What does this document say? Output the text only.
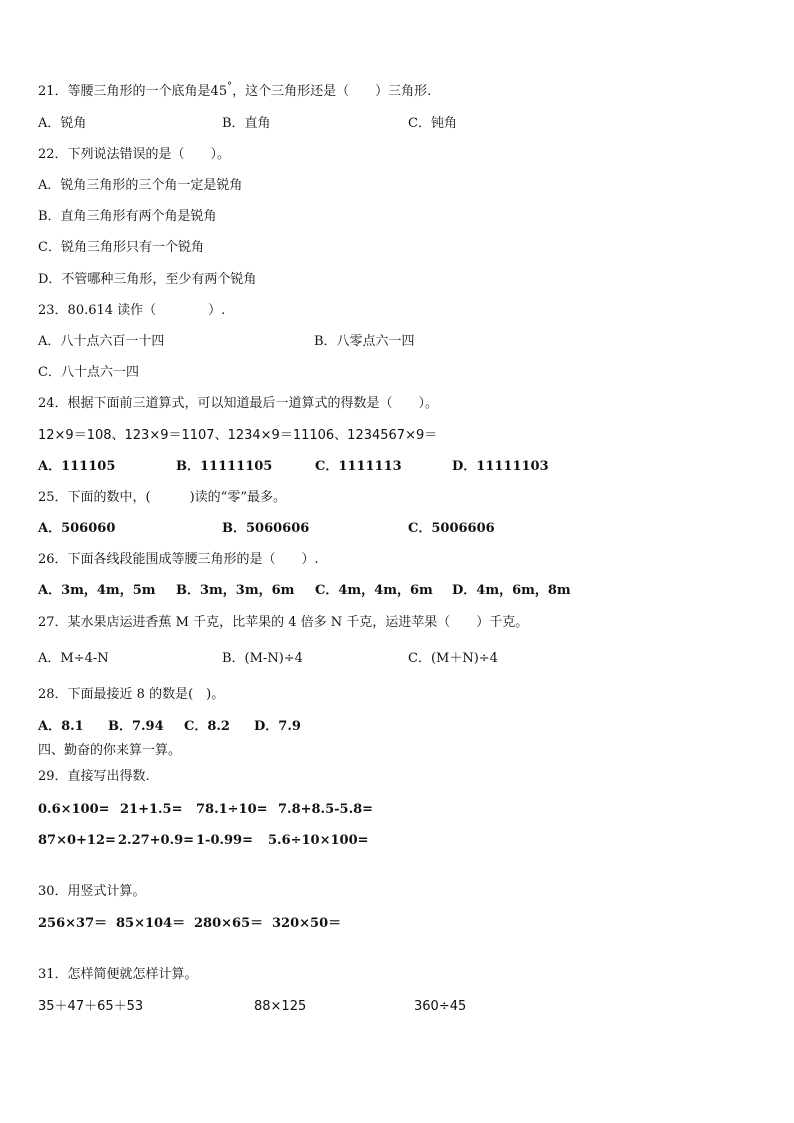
21．等腰三角形的一个底角是45°，这个三角形还是（　　）三角形.
A．锐角	B．直角	C．钝角
22．下列说法错误的是（　　）。
A．锐角三角形的三个角一定是锐角
B．直角三角形有两个角是锐角
C．锐角三角形只有一个锐角
D．不管哪种三角形，至少有两个锐角
23．80.614 读作（　　　　）.
A．八十点六百一十四	B．八零点六一四
C．八十点六一四
24．根据下面前三道算式，可以知道最后一道算式的得数是（　　）。
12×9＝108、123×9＝1107、1234×9＝11106、1234567×9＝
A．111105	B．11111105	C．1111113	D．11111103
25．下面的数中，(　　　)读的“零”最多。
A．506060	B．5060606	C．5006606
26．下面各线段能围成等腰三角形的是（　　）.
A．3m，4m，5m B．3m，3m，6m C．4m，4m，6m D．4m，6m，8m
27．某水果店运进香蕉 M 千克，比苹果的 4 倍多 N 千克，运进苹果（　　）千克。
A．M÷4-N	B．(M-N)÷4	C．(M＋N)÷4
28．下面最接近 8 的数是(　)。
A．8.1 B．7.94 C．8.2 D．7.9
四、勤奋的你来算一算。
29．直接写出得数.
0.6×100= 21+1.5= 78.1÷10= 7.8+8.5-5.8=
87×0+12= 2.27+0.9= 1-0.99= 5.6÷10×100=
30．用竖式计算。
256×37＝ 85×104＝ 280×65＝ 320×50＝
31．怎样简便就怎样计算。
35＋47＋65＋53	88×125	360÷45
